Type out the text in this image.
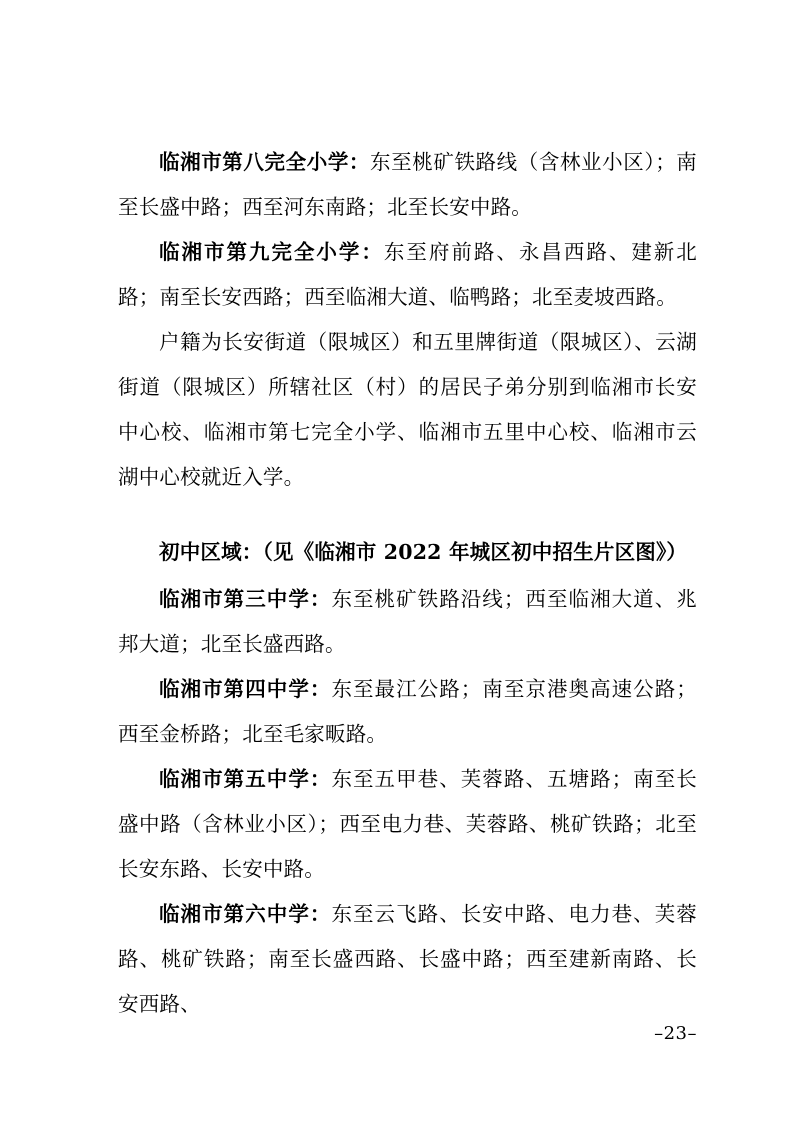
临湘市第八完全小学：东至桃矿铁路线（含林业小区）；南至长盛中路；西至河东南路；北至长安中路。

临湘市第九完全小学：东至府前路、永昌西路、建新北路；南至长安西路；西至临湘大道、临鸭路；北至麦坡西路。

户籍为长安街道（限城区）和五里牌街道（限城区）、云湖街道（限城区）所辖社区（村）的居民子弟分别到临湘市长安中心校、临湘市第七完全小学、临湘市五里中心校、临湘市云湖中心校就近入学。

初中区域：（见《临湘市 2022 年城区初中招生片区图》）

临湘市第三中学：东至桃矿铁路沿线；西至临湘大道、兆邦大道；北至长盛西路。

临湘市第四中学：东至最江公路；南至京港奥高速公路；西至金桥路；北至毛家畈路。

临湘市第五中学：东至五甲巷、芙蓉路、五塘路；南至长盛中路（含林业小区）；西至电力巷、芙蓉路、桃矿铁路；北至长安东路、长安中路。

临湘市第六中学：东至云飞路、长安中路、电力巷、芙蓉路、桃矿铁路；南至长盛西路、长盛中路；西至建新南路、长安西路、

–23–
